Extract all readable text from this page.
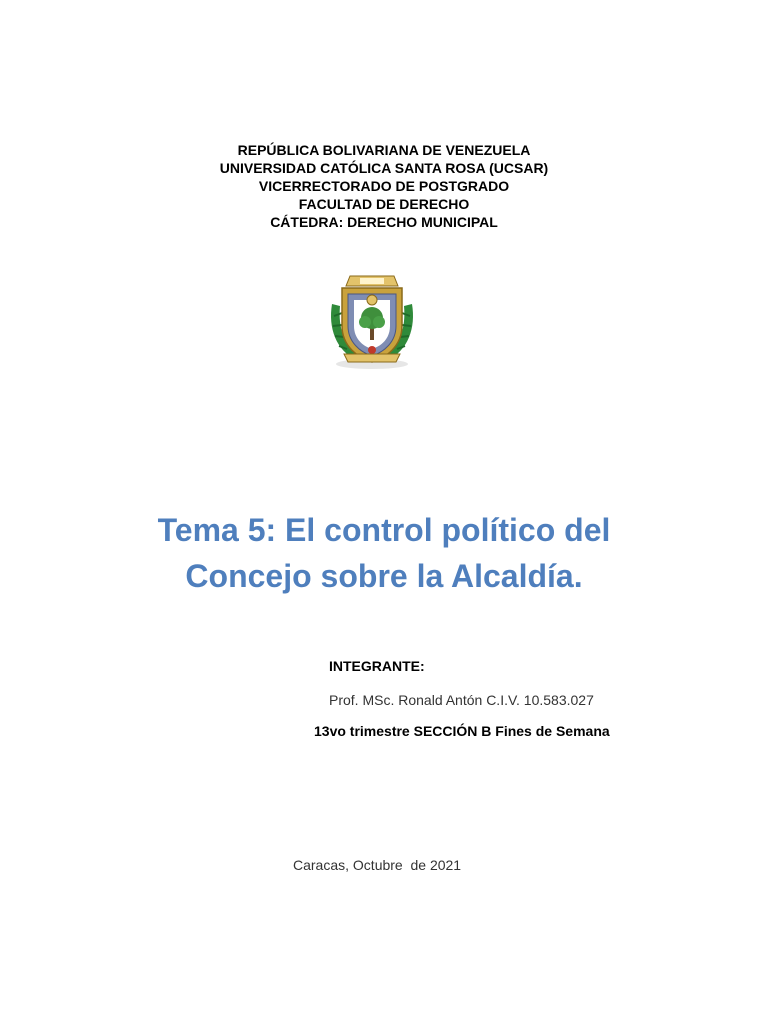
REPÚBLICA BOLIVARIANA DE VENEZUELA
UNIVERSIDAD CATÓLICA SANTA ROSA (UCSAR)
VICERRECTORADO DE POSTGRADO
FACULTAD DE DERECHO
CÁTEDRA: DERECHO MUNICIPAL
Tema 5: El control político del
Concejo sobre la Alcaldía.
INTEGRANTE:
Prof. MSc. Ronald Antón C.I.V. 10.583.027
13vo trimestre SECCIÓN B Fines de Semana
Caracas, Octubre  de 2021
